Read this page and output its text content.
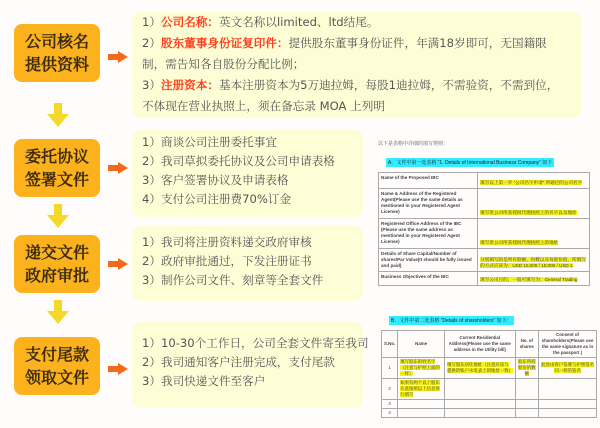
公司核名
提供资料
委托协议
签署文件
递交文件
政府审批
支付尾款
领取文件
1）公司名称：英文名称以limited、ltd结尾。
2）股东董事身份证复印件：提供股东董事身份证件，年满18岁即可，无国籍限
制，需告知各自股份分配比例；
3）注册资本：基本注册资本为5万迪拉姆，每股1迪拉姆，不需验资，不需到位，
不体现在营业执照上，须在备忘录 MOA 上列明
1）商谈公司注册委托事宜
2）我司草拟委托协议及公司申请表格
3）客户签署协议及申请表格
4）支付公司注册费70%订金
1）我司将注册资料递交政府审核
2）政府审批通过，下发注册证书
3）制作公司文件、刻章等全套文件
1）10-30个工作日，公司全套文件寄至我司
2）我司通知客户注册完成，支付尾款
3）我司快递文件至客户
以下是表格中详细的填写规则：
A．文件中第一处表格 “1. Details of International Business Company” 如下
Name of the Proposed IBC	填写以上第一步 “公司名字申请” 所通过的公司名字
Name & Address of the Registered Agent(Please use the same details as mentioned in your Registered Agent License)	填写贵公司所获授权代理执照上的名字以及地址
Registered Office Address of the IBC (Please use the same address as mentioned in your Registered Agent License)	填写贵公司所获授权代理执照上的地址
Details of Share Capital/Number of shares/Par Value(It should be fully issued and paid)	分别填写的是所有股额、份数以及每股价值，所填写的方式应该为：USD 10,000 / 10,000 / USD 1
Business Objectives of the IBC	填写公司目的，一般可填写为：General Trading
B．文件中第二处表格 “Details of shareholders” 如下：
S.No.	Name	Current Residential Address(Please use the same address in the Utility bill)	No. of shares	Consent of shareholders(Please use the same signature as in the passport )
1	填写股东的姓名字（注意与护照上面的一样）	填写股东居住地址（注意应该与提供的账户水电表上的地址一致）	股东所持股份的数额	此处由客户签署与护照签名同一样的签名
2	如果有两个以上股东在此按照以上信息进行填写			
3				
4				
